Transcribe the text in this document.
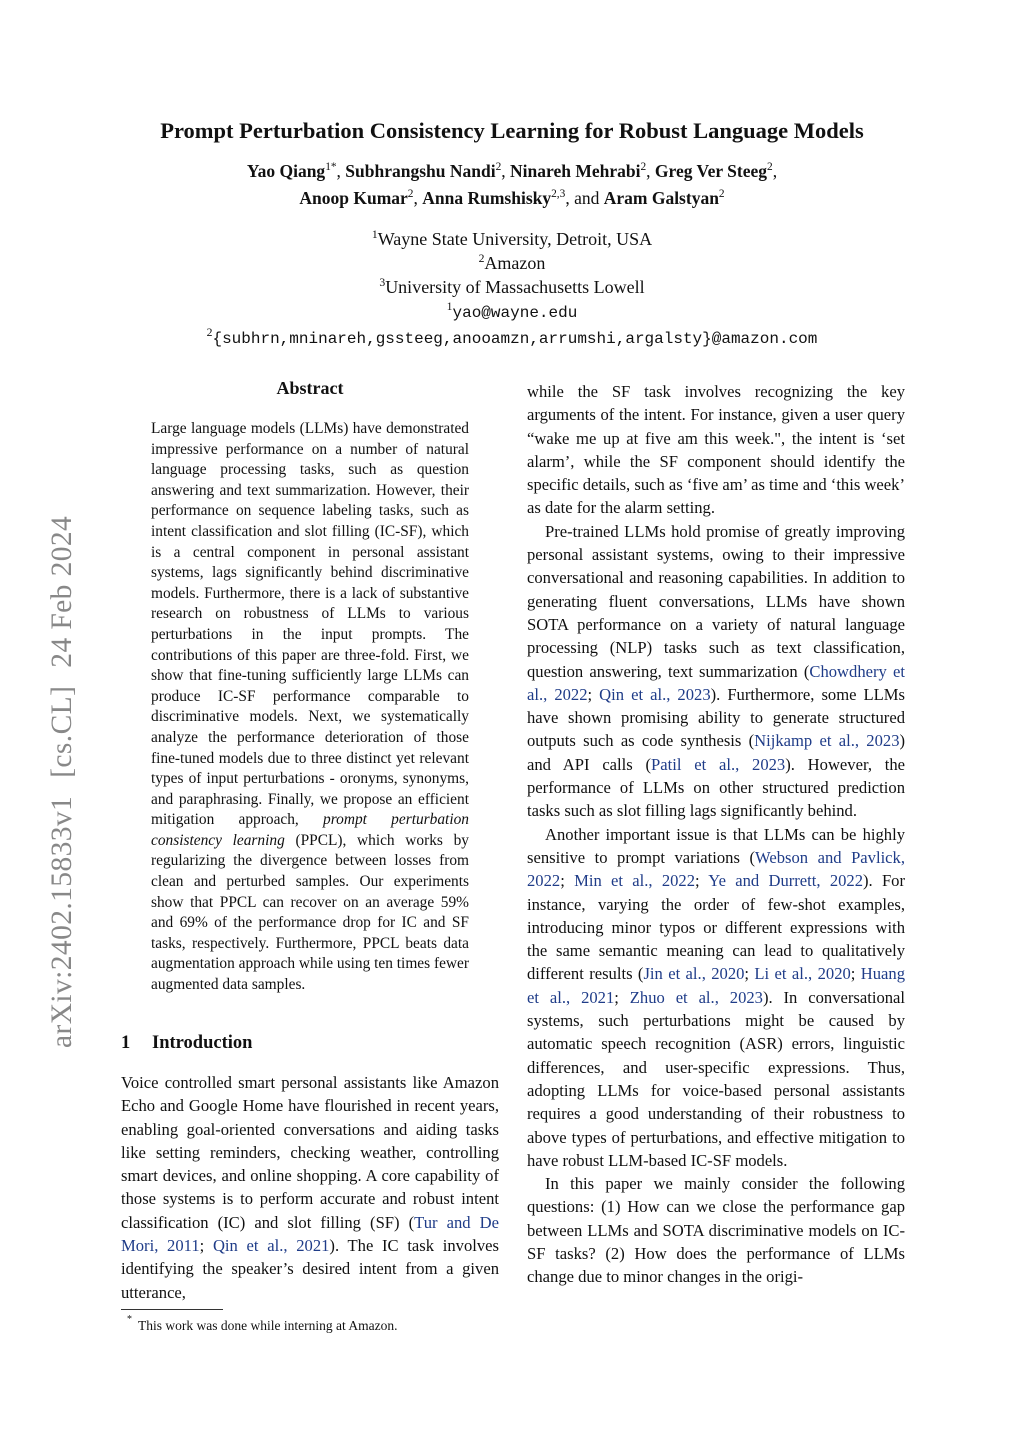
arXiv:2402.15833v1[cs.CL]24 Feb 2024
Prompt Perturbation Consistency Learning for Robust Language Models
Yao Qiang$^{1*}$, Subhrangshu Nandi$^2$, Ninareh Mehrabi$^2$, Greg Ver Steeg$^2$,
Anoop Kumar$^2$, Anna Rumshisky$^{2,3}$, and Aram Galstyan$^2$
$^1$Wayne State University, Detroit, USA
$^2$Amazon
$^3$University of Massachusetts Lowell
$^1$yao@wayne.edu
$^2${subhrn,mninareh,gssteeg,anooamzn,arrumshi,argalsty}@amazon.com
Abstract

Large language models (LLMs) have demonstrated impressive performance on a number of natural language processing tasks, such as question answering and text summarization. However, their performance on sequence labeling tasks, such as intent classification and slot filling (IC-SF), which is a central component in personal assistant systems, lags significantly behind discriminative models. Furthermore, there is a lack of substantive research on robustness of LLMs to various perturbations in the input prompts. The contributions of this paper are three-fold. First, we show that fine-tuning sufficiently large LLMs can produce IC-SF performance comparable to discriminative models. Next, we systematically analyze the performance deterioration of those fine-tuned models due to three distinct yet relevant types of input perturbations - oronyms, synonyms, and paraphrasing. Finally, we propose an efficient mitigation approach, prompt perturbation consistency learning (PPCL), which works by regularizing the divergence between losses from clean and perturbed samples. Our experiments show that PPCL can recover on an average 59% and 69% of the performance drop for IC and SF tasks, respectively. Furthermore, PPCL beats data augmentation approach while using ten times fewer augmented data samples.

1 Introduction

Voice controlled smart personal assistants like Amazon Echo and Google Home have flourished in recent years, enabling goal-oriented conversations and aiding tasks like setting reminders, checking weather, controlling smart devices, and online shopping. A core capability of those systems is to perform accurate and robust intent classification (IC) and slot filling (SF) (Tur and De Mori, 2011; Qin et al., 2021). The IC task involves identifying the speaker’s desired intent from a given utterance,

while the SF task involves recognizing the key arguments of the intent. For instance, given a user query “wake me up at five am this week.", the intent is ‘set alarm’, while the SF component should identify the specific details, such as ‘five am’ as time and ‘this week’ as date for the alarm setting.

Pre-trained LLMs hold promise of greatly improving personal assistant systems, owing to their impressive conversational and reasoning capabilities. In addition to generating fluent conversations, LLMs have shown SOTA performance on a variety of natural language processing (NLP) tasks such as text classification, question answering, text summarization (Chowdhery et al., 2022; Qin et al., 2023). Furthermore, some LLMs have shown promising ability to generate structured outputs such as code synthesis (Nijkamp et al., 2023) and API calls (Patil et al., 2023). However, the performance of LLMs on other structured prediction tasks such as slot filling lags significantly behind.

Another important issue is that LLMs can be highly sensitive to prompt variations (Webson and Pavlick, 2022; Min et al., 2022; Ye and Durrett, 2022). For instance, varying the order of few-shot examples, introducing minor typos or different expressions with the same semantic meaning can lead to qualitatively different results (Jin et al., 2020; Li et al., 2020; Huang et al., 2021; Zhuo et al., 2023). In conversational systems, such perturbations might be caused by automatic speech recognition (ASR) errors, linguistic differences, and user-specific expressions. Thus, adopting LLMs for voice-based personal assistants requires a good understanding of their robustness to above types of perturbations, and effective mitigation to have robust LLM-based IC-SF models.

In this paper we mainly consider the following questions: (1) How can we close the performance gap between LLMs and SOTA discriminative models on IC-SF tasks? (2) How does the performance of LLMs change due to minor changes in the origi-

* This work was done while interning at Amazon.
